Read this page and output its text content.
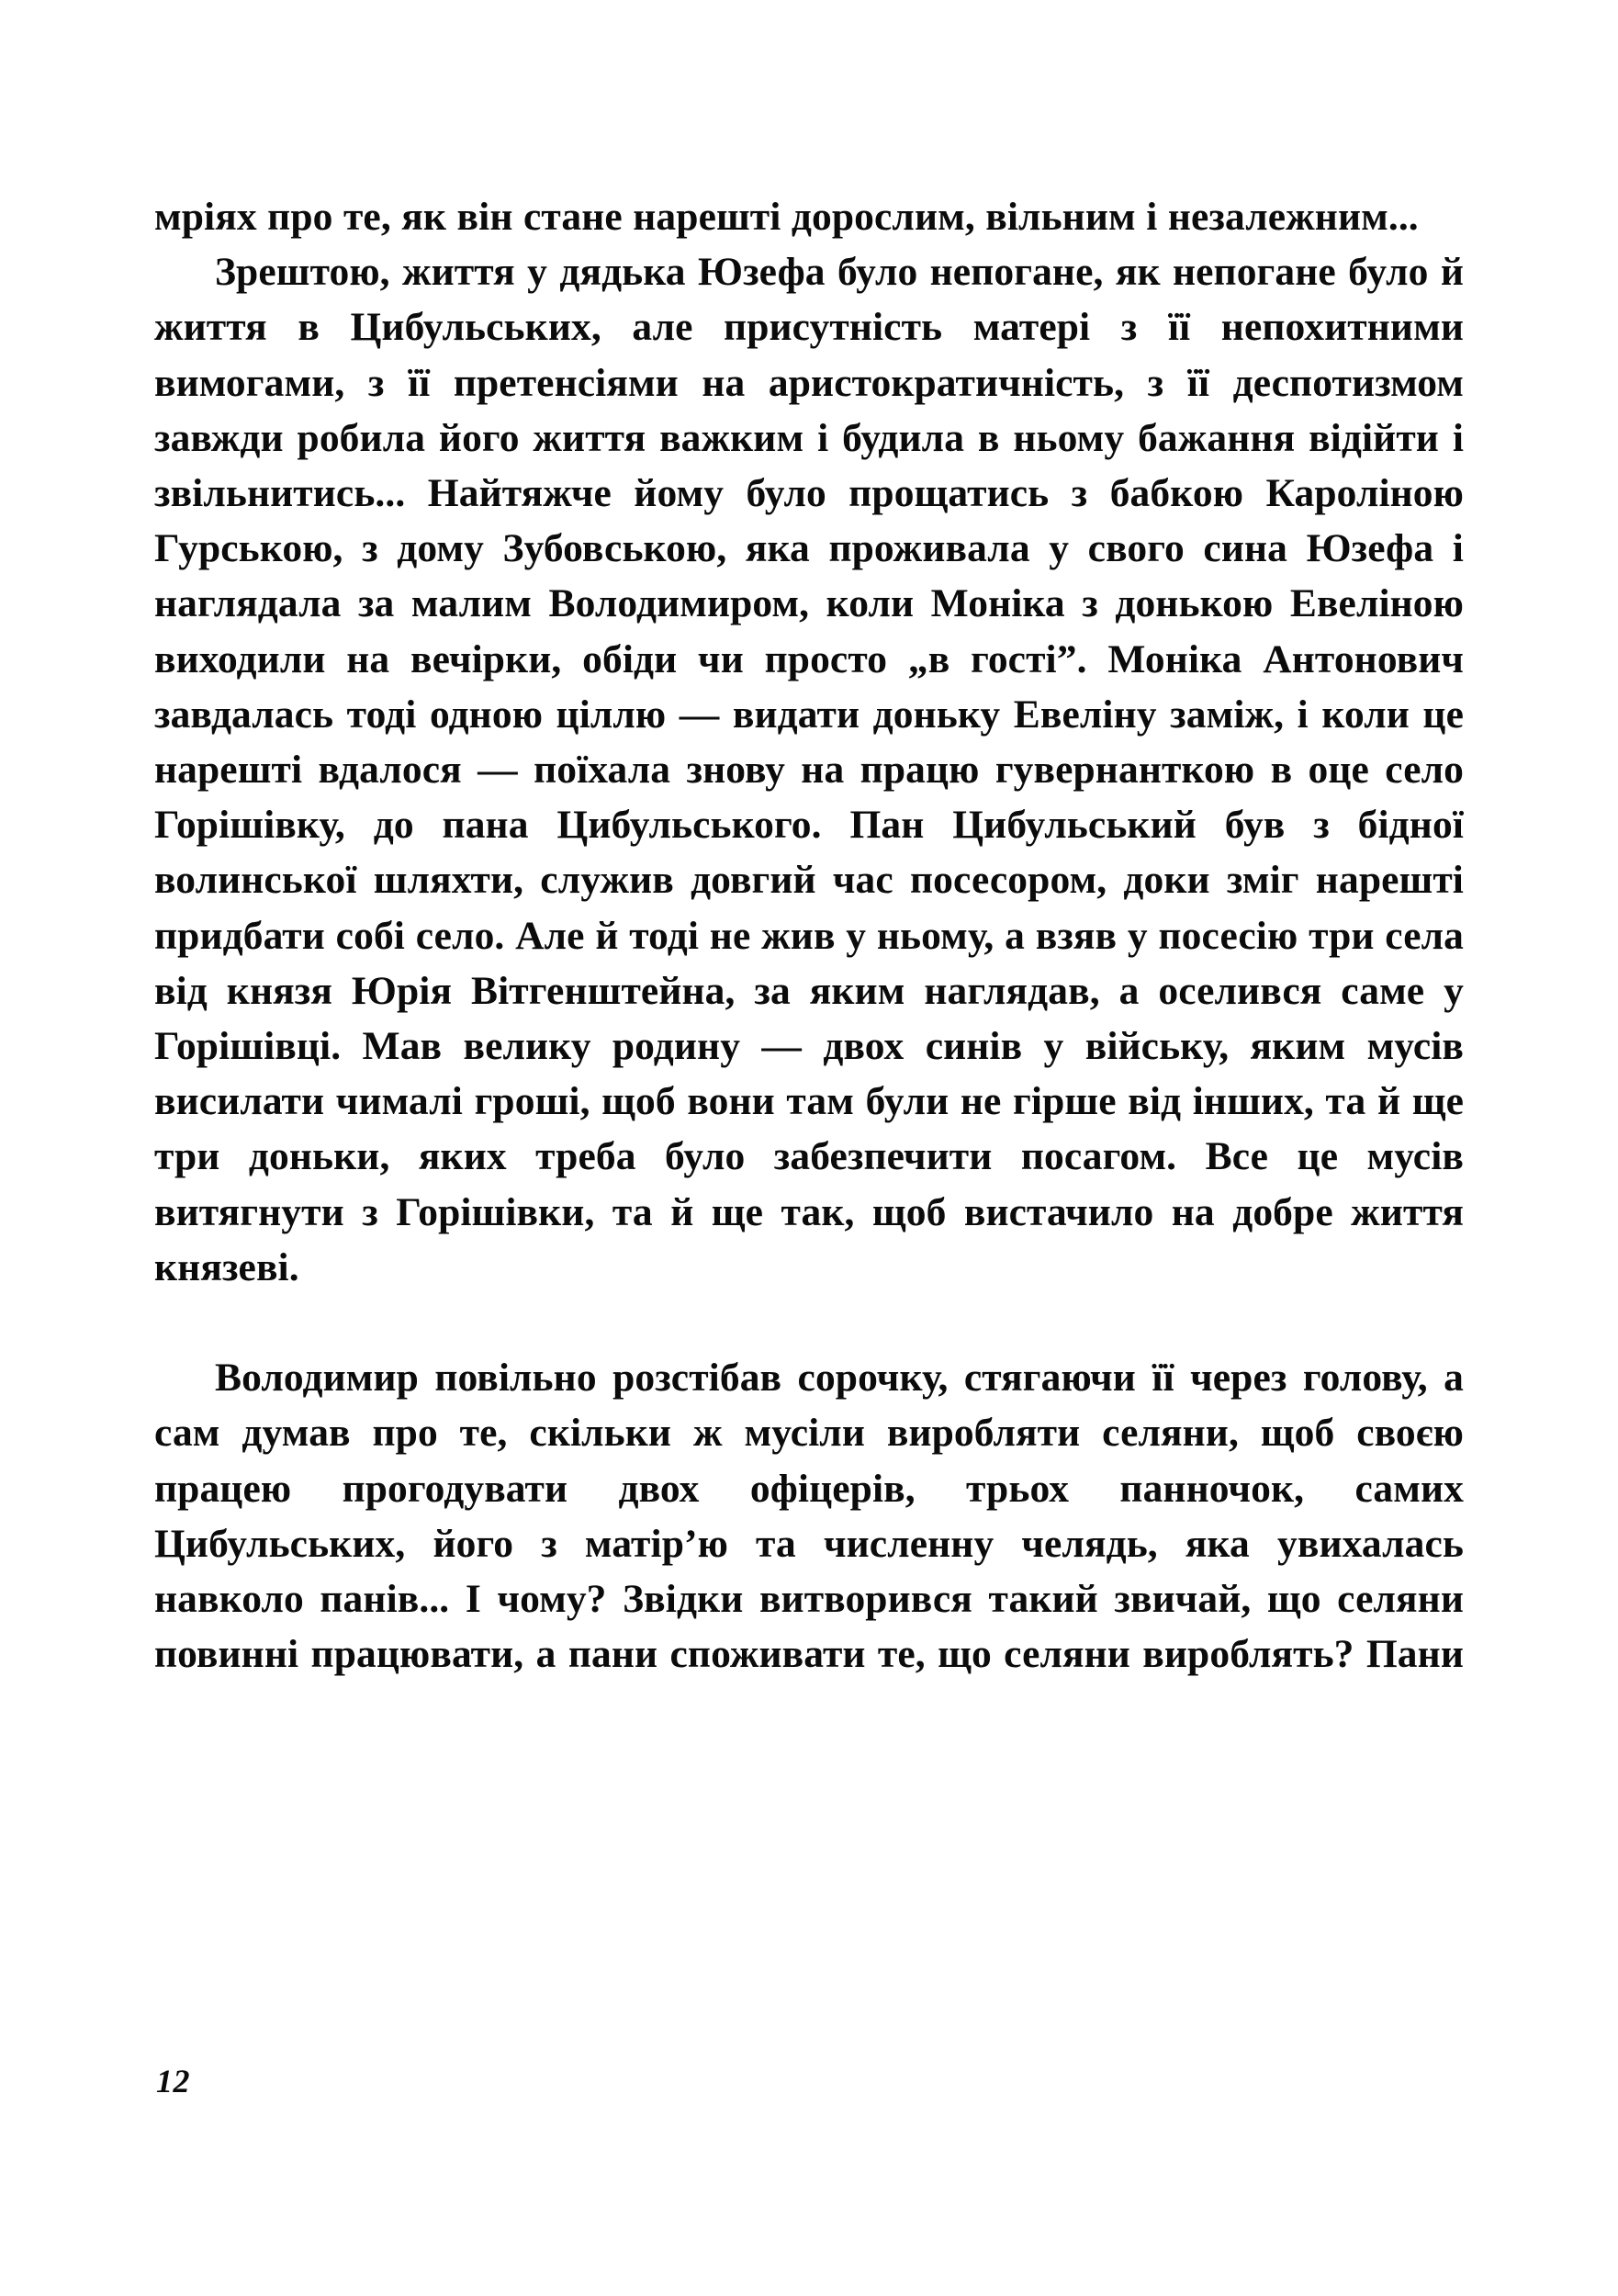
мріях про те, як він стане нарешті дорослим, вільним і незалежним...

Зрештою, життя у дядька Юзефа було непогане, як непогане було й життя в Цибульських, але присутність матері з її непохитними вимогами, з її претенсіями на аристократичність, з її деспотизмом завжди робила його життя важким і будила в ньому бажання відійти і звільнитись... Найтяжче йому було прощатись з бабкою Кароліною Гурською, з дому Зубовською, яка проживала у свого сина Юзефа і наглядала за малим Володимиром, коли Моніка з донькою Евеліною виходили на вечірки, обіди чи просто „в гості”. Моніка Антонович завдалась тоді одною ціллю — видати доньку Евеліну заміж, і коли це нарешті вдалося — поїхала знову на працю гувернанткою в оце село Горішівку, до пана Цибульського. Пан Цибульський був з бідної волинської шляхти, служив довгий час посесором, доки зміг нарешті придбати собі село. Але й тоді не жив у ньому, а взяв у посесію три села від князя Юрія Вітгенштейна, за яким наглядав, а оселився саме у Горішівці. Мав велику родину — двох синів у війську, яким мусів висилати чималі гроші, щоб вони там були не гірше від інших, та й ще три доньки, яких треба було забезпечити посагом. Все це мусів витягнути з Горішівки, та й ще так, щоб вистачило на добре життя князеві.

Володимир повільно розстібав сорочку, стягаючи її через голову, а сам думав про те, скільки ж мусіли виробляти селяни, щоб своєю працею прогодувати двох офіцерів, трьох панночок, самих Цибульських, його з матір’ю та численну челядь, яка увихалась навколо панів... І чому? Звідки витворився такий звичай, що селяни повинні працювати, а пани споживати те, що селяни вироблять? Пани

12
